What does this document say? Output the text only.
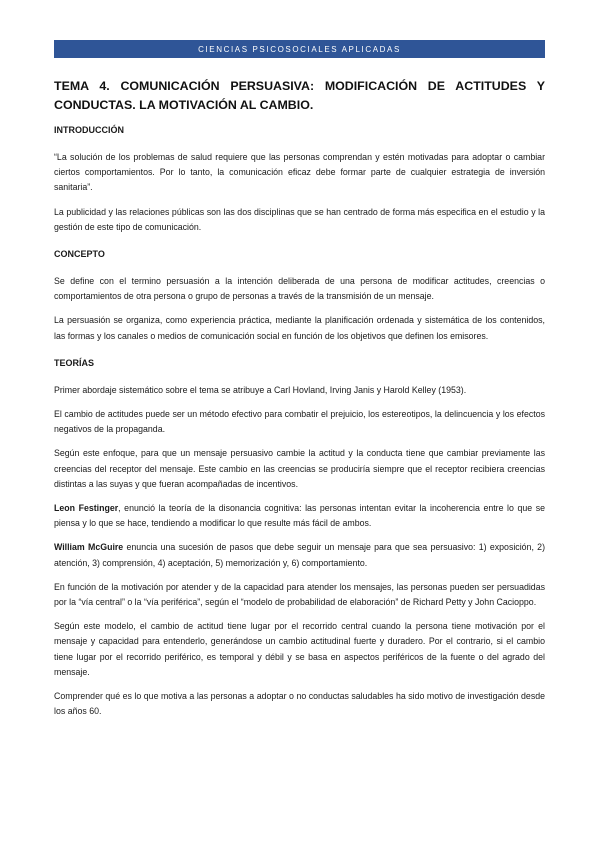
CIENCIAS PSICOSOCIALES APLICADAS
TEMA 4. COMUNICACIÓN PERSUASIVA: MODIFICACIÓN DE ACTITUDES Y CONDUCTAS. LA MOTIVACIÓN AL CAMBIO.
INTRODUCCIÓN

“La solución de los problemas de salud requiere que las personas comprendan y estén motivadas para adoptar o cambiar ciertos comportamientos. Por lo tanto, la comunicación eficaz debe formar parte de cualquier estrategia de inversión sanitaria”.

La publicidad y las relaciones públicas son las dos disciplinas que se han centrado de forma más especifica en el estudio y la gestión de este tipo de comunicación.

CONCEPTO

Se define con el termino persuasión a la intención deliberada de una persona de modificar actitudes, creencias o comportamientos de otra persona o grupo de personas a través de la transmisión de un mensaje.

La persuasión se organiza, como experiencia práctica, mediante la planificación ordenada y sistemática de los contenidos, las formas y los canales o medios de comunicación social en función de los objetivos que definen los emisores.

TEORÍAS

Primer abordaje sistemático sobre el tema se atribuye a Carl Hovland, Irving Janis y Harold Kelley (1953).

El cambio de actitudes puede ser un método efectivo para combatir el prejuicio, los estereotipos, la delincuencia y los efectos negativos de la propaganda.

Según este enfoque, para que un mensaje persuasivo cambie la actitud y la conducta tiene que cambiar previamente las creencias del receptor del mensaje. Este cambio en las creencias se produciría siempre que el receptor recibiera creencias distintas a las suyas y que fueran acompañadas de incentivos.

Leon Festinger, enunció la teoría de la disonancia cognitiva: las personas intentan evitar la incoherencia entre lo que se piensa y lo que se hace, tendiendo a modificar lo que resulte más fácil de ambos.

William McGuire enuncia una sucesión de pasos que debe seguir un mensaje para que sea persuasivo: 1) exposición, 2) atención, 3) comprensión, 4) aceptación, 5) memorización y, 6) comportamiento.

En función de la motivación por atender y de la capacidad para atender los mensajes, las personas pueden ser persuadidas por la “vía central” o la “vía periférica”, según el “modelo de probabilidad de elaboración” de Richard Petty y John Cacioppo.

Según este modelo, el cambio de actitud tiene lugar por el recorrido central cuando la persona tiene motivación por el mensaje y capacidad para entenderlo, generándose un cambio actitudinal fuerte y duradero. Por el contrario, si el cambio tiene lugar por el recorrido periférico, es temporal y débil y se basa en aspectos periféricos de la fuente o del agrado del mensaje.

Comprender qué es lo que motiva a las personas a adoptar o no conductas saludables ha sido motivo de investigación desde los años 60.
